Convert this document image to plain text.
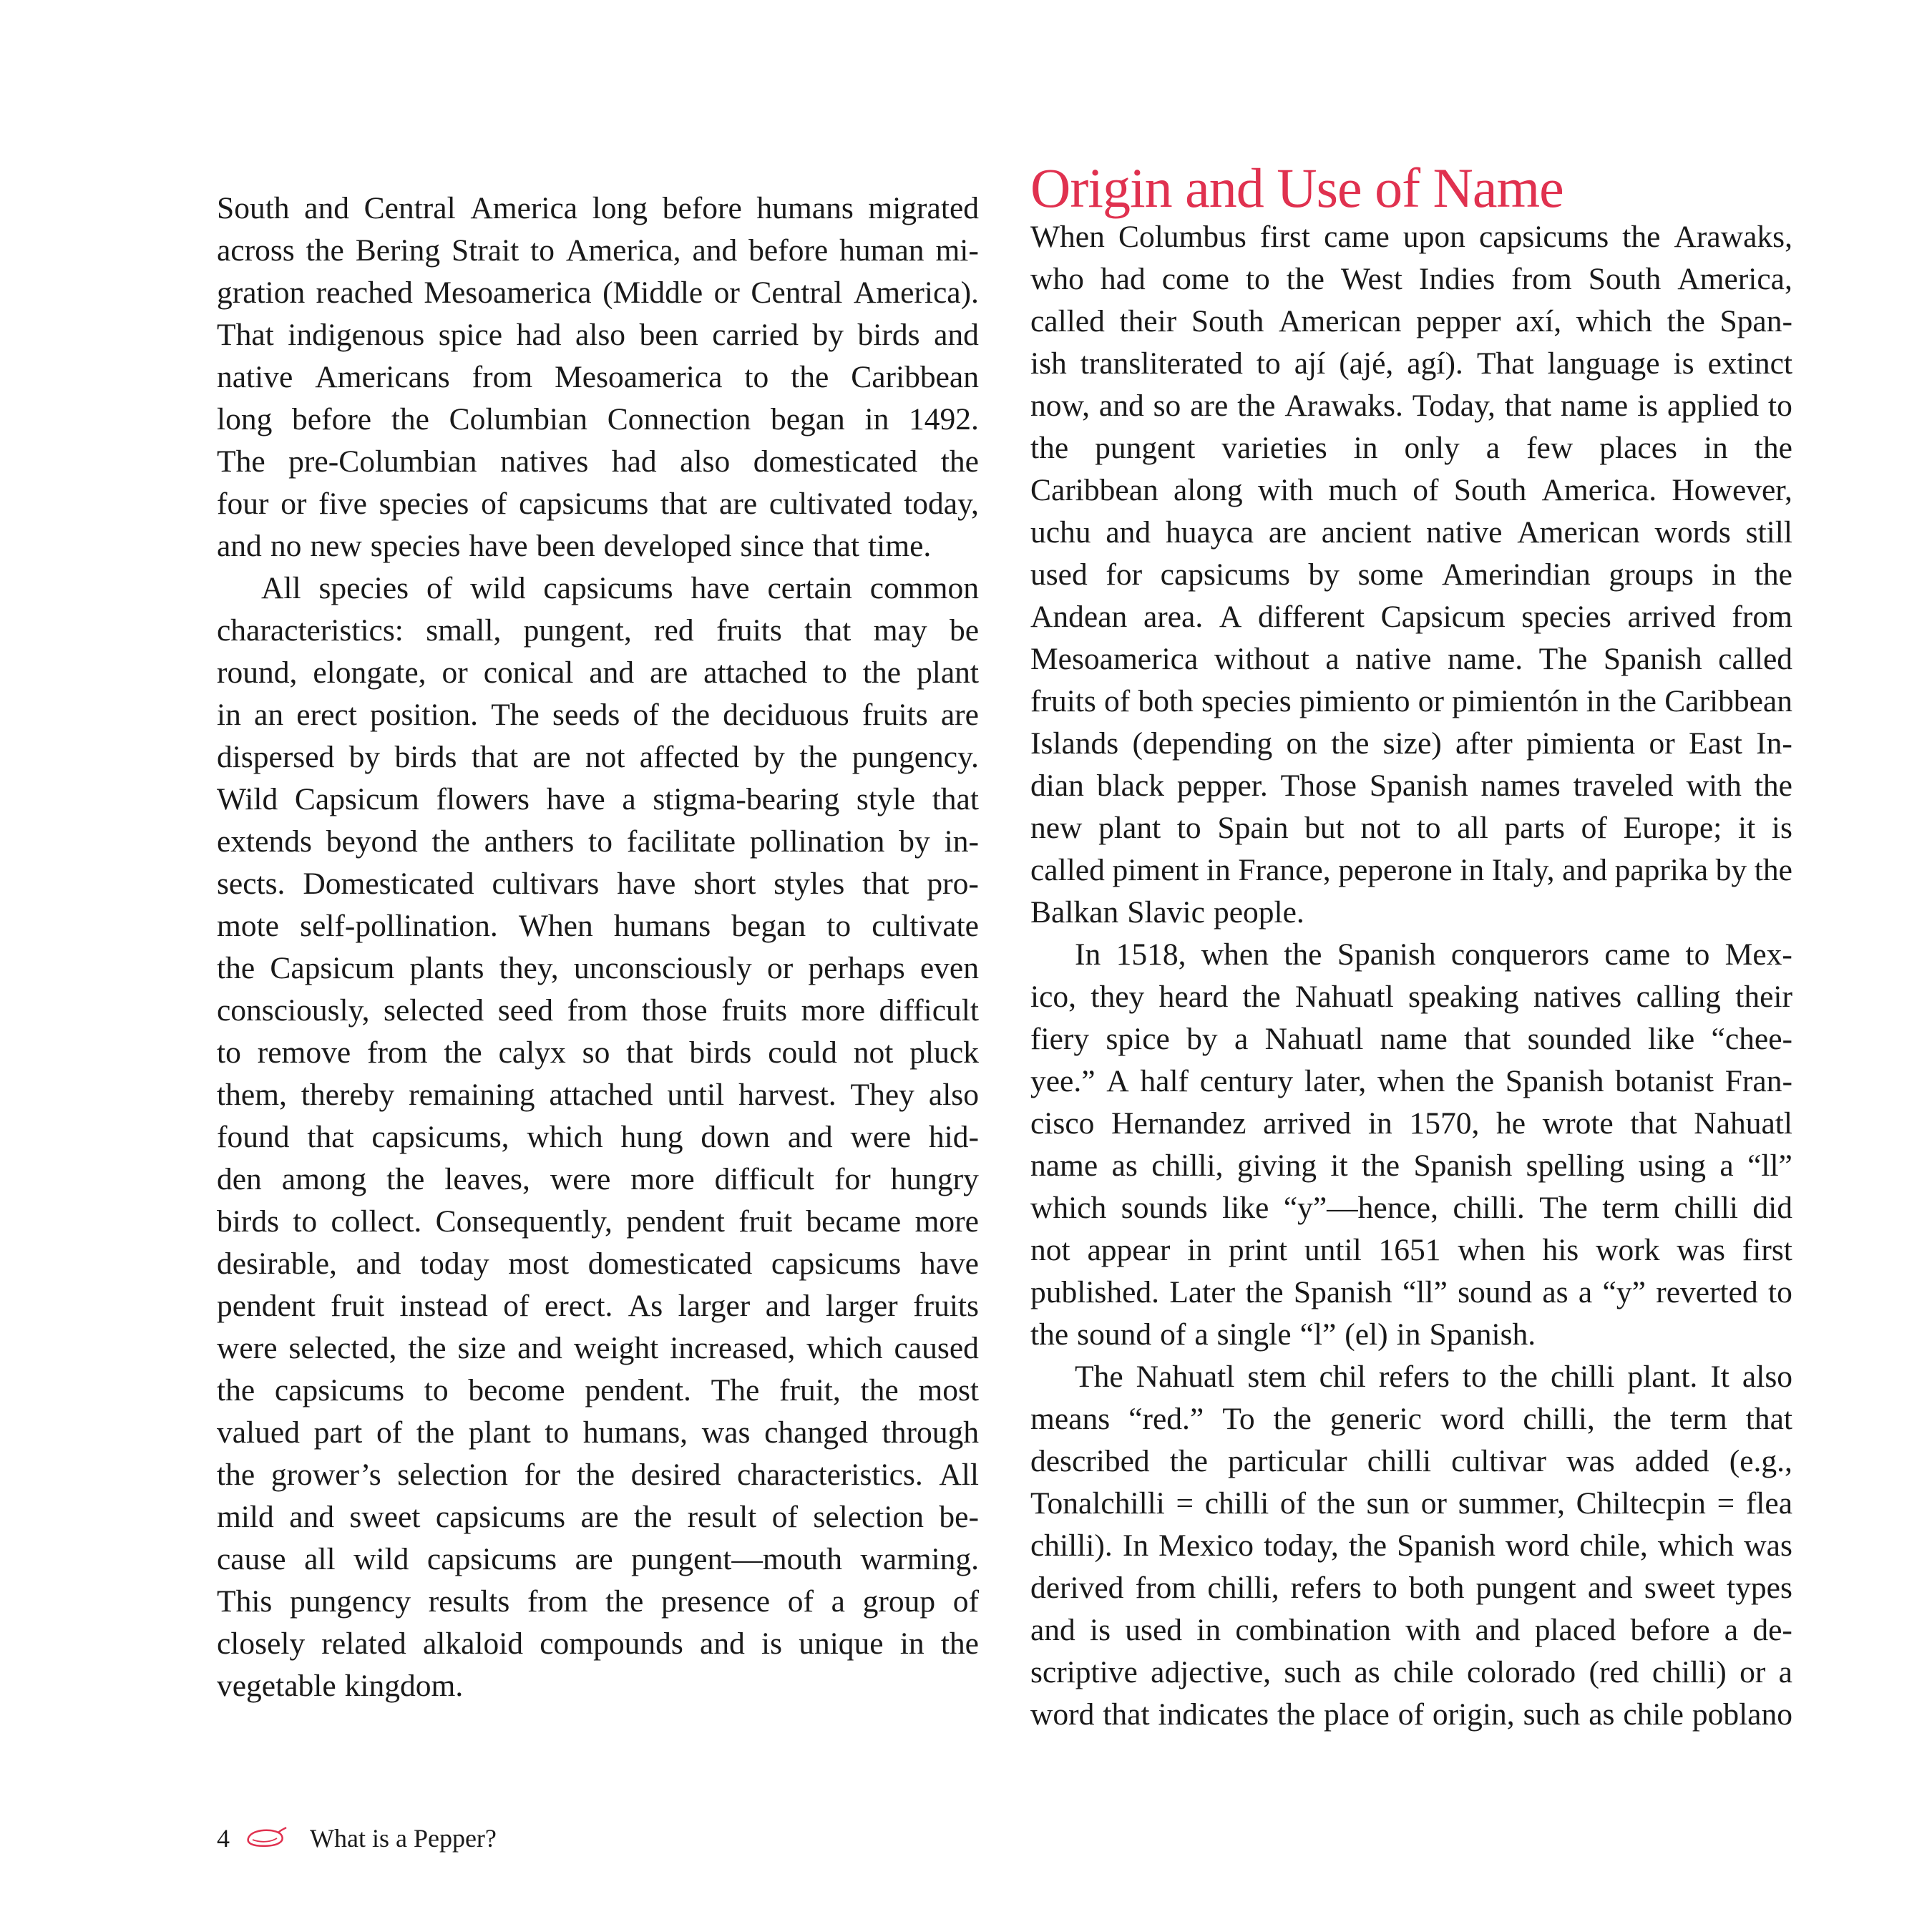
South and Central America long before humans migrated
across the Bering Strait to America, and before human mi-
gration reached Mesoamerica (Middle or Central America).
That indigenous spice had also been carried by birds and
native Americans from Mesoamerica to the Caribbean
long before the Columbian Connection began in 1492.
The pre-Columbian natives had also domesticated the
four or five species of capsicums that are cultivated today,
and no new species have been developed since that time.
All species of wild capsicums have certain common
characteristics: small, pungent, red fruits that may be
round, elongate, or conical and are attached to the plant
in an erect position. The seeds of the deciduous fruits are
dispersed by birds that are not affected by the pungency.
Wild Capsicum flowers have a stigma-bearing style that
extends beyond the anthers to facilitate pollination by in-
sects. Domesticated cultivars have short styles that pro-
mote self-pollination. When humans began to cultivate
the Capsicum plants they, unconsciously or perhaps even
consciously, selected seed from those fruits more difficult
to remove from the calyx so that birds could not pluck
them, thereby remaining attached until harvest. They also
found that capsicums, which hung down and were hid-
den among the leaves, were more difficult for hungry
birds to collect. Consequently, pendent fruit became more
desirable, and today most domesticated capsicums have
pendent fruit instead of erect. As larger and larger fruits
were selected, the size and weight increased, which caused
the capsicums to become pendent. The fruit, the most
valued part of the plant to humans, was changed through
the grower’s selection for the desired characteristics. All
mild and sweet capsicums are the result of selection be-
cause all wild capsicums are pungent—mouth warming.
This pungency results from the presence of a group of
closely related alkaloid compounds and is unique in the
vegetable kingdom.
Origin and Use of Name
When Columbus first came upon capsicums the Arawaks,
who had come to the West Indies from South America,
called their South American pepper axí, which the Span-
ish transliterated to ají (ajé, agí). That language is extinct
now, and so are the Arawaks. Today, that name is applied to
the pungent varieties in only a few places in the
Caribbean along with much of South America. However,
uchu and huayca are ancient native American words still
used for capsicums by some Amerindian groups in the
Andean area. A different Capsicum species arrived from
Mesoamerica without a native name. The Spanish called
fruits of both species pimiento or pimientón in the Caribbean
Islands (depending on the size) after pimienta or East In-
dian black pepper. Those Spanish names traveled with the
new plant to Spain but not to all parts of Europe; it is
called piment in France, peperone in Italy, and paprika by the
Balkan Slavic people.
In 1518, when the Spanish conquerors came to Mex-
ico, they heard the Nahuatl speaking natives calling their
fiery spice by a Nahuatl name that sounded like “chee-
yee.” A half century later, when the Spanish botanist Fran-
cisco Hernandez arrived in 1570, he wrote that Nahuatl
name as chilli, giving it the Spanish spelling using a “ll”
which sounds like “y”—hence, chilli. The term chilli did
not appear in print until 1651 when his work was first
published. Later the Spanish “ll” sound as a “y” reverted to
the sound of a single “l” (el) in Spanish.
The Nahuatl stem chil refers to the chilli plant. It also
means “red.” To the generic word chilli, the term that
described the particular chilli cultivar was added (e.g.,
Tonalchilli = chilli of the sun or summer, Chiltecpin = flea
chilli). In Mexico today, the Spanish word chile, which was
derived from chilli, refers to both pungent and sweet types
and is used in combination with and placed before a de-
scriptive adjective, such as chile colorado (red chilli) or a
word that indicates the place of origin, such as chile poblano
4	What is a Pepper?
